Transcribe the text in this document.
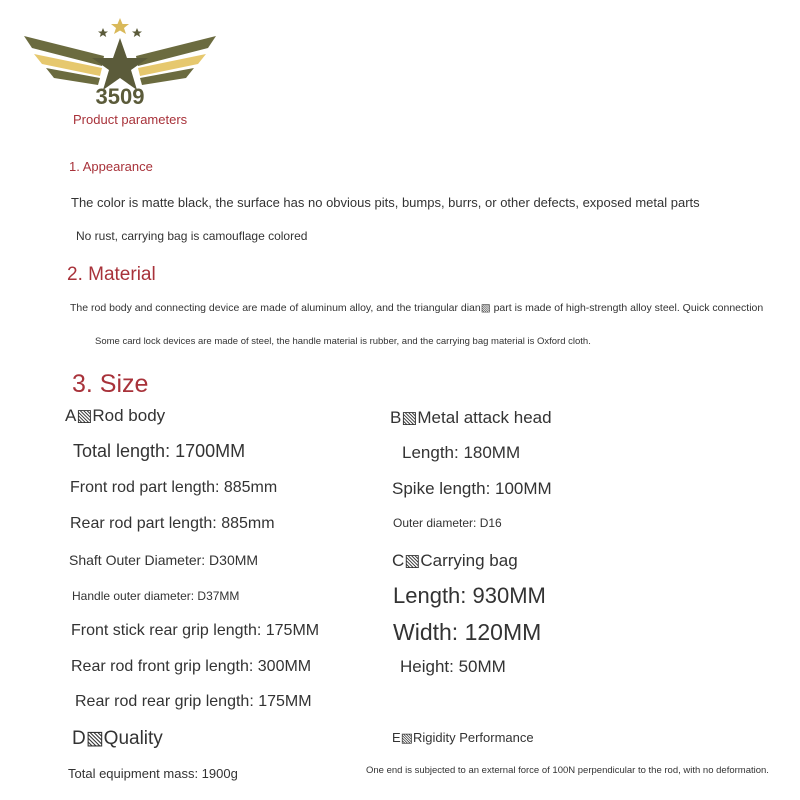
3509
Product parameters
1. Appearance
The color is matte black, the surface has no obvious pits, bumps, burrs, or other defects, exposed metal parts
No rust, carrying bag is camouflage colored
2. Material
The rod body and connecting device are made of aluminum alloy, and the triangular dian▧ part is made of high-strength alloy steel. Quick connection
Some card lock devices are made of steel, the handle material is rubber, and the carrying bag material is Oxford cloth.
3. Size
A▧Rod body
Total length: 1700MM
Front rod part length: 885mm
Rear rod part length: 885mm
Shaft Outer Diameter: D30MM
Handle outer diameter: D37MM
Front stick rear grip length: 175MM
Rear rod front grip length: 300MM
Rear rod rear grip length: 175MM
B▧Metal attack head
Length: 180MM
Spike length: 100MM
Outer diameter: D16
C▧Carrying bag
Length: 930MM
Width: 120MM
Height: 50MM
D▧Quality
Total equipment mass: 1900g
E▧Rigidity Performance
One end is subjected to an external force of 100N perpendicular to the rod, with no deformation.
